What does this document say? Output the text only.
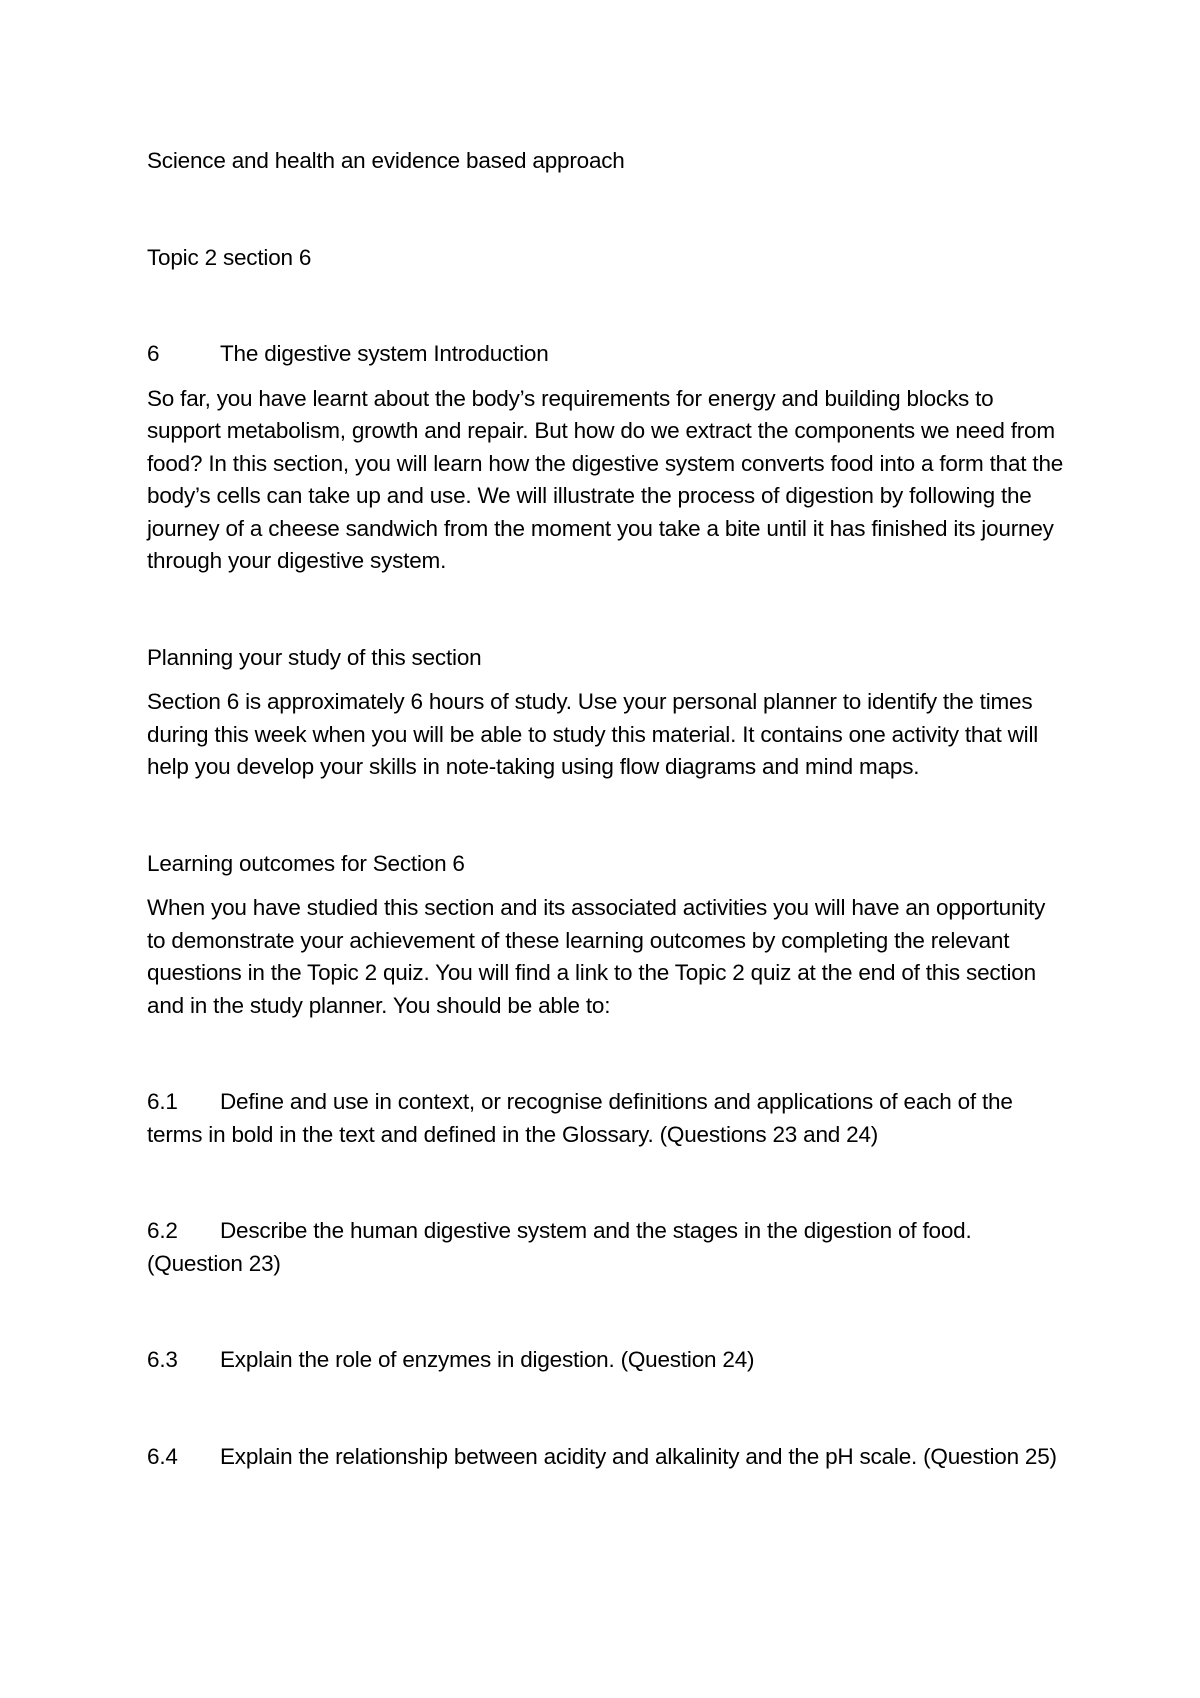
Science and health an evidence based approach

Topic 2 section 6

6	The digestive system Introduction

So far, you have learnt about the body’s requirements for energy and building blocks to support metabolism, growth and repair. But how do we extract the components we need from food? In this section, you will learn how the digestive system converts food into a form that the body’s cells can take up and use. We will illustrate the process of digestion by following the journey of a cheese sandwich from the moment you take a bite until it has finished its journey through your digestive system.

Planning your study of this section

Section 6 is approximately 6 hours of study. Use your personal planner to identify the times during this week when you will be able to study this material. It contains one activity that will help you develop your skills in note-taking using flow diagrams and mind maps.

Learning outcomes for Section 6

When you have studied this section and its associated activities you will have an opportunity to demonstrate your achievement of these learning outcomes by completing the relevant questions in the Topic 2 quiz. You will find a link to the Topic 2 quiz at the end of this section and in the study planner. You should be able to:

6.1 Define and use in context, or recognise definitions and applications of each of the terms in bold in the text and defined in the Glossary. (Questions 23 and 24)
6.2 Describe the human digestive system and the stages in the digestion of food. (Question 23)
6.3 Explain the role of enzymes in digestion. (Question 24)
6.4 Explain the relationship between acidity and alkalinity and the pH scale. (Question 25)
